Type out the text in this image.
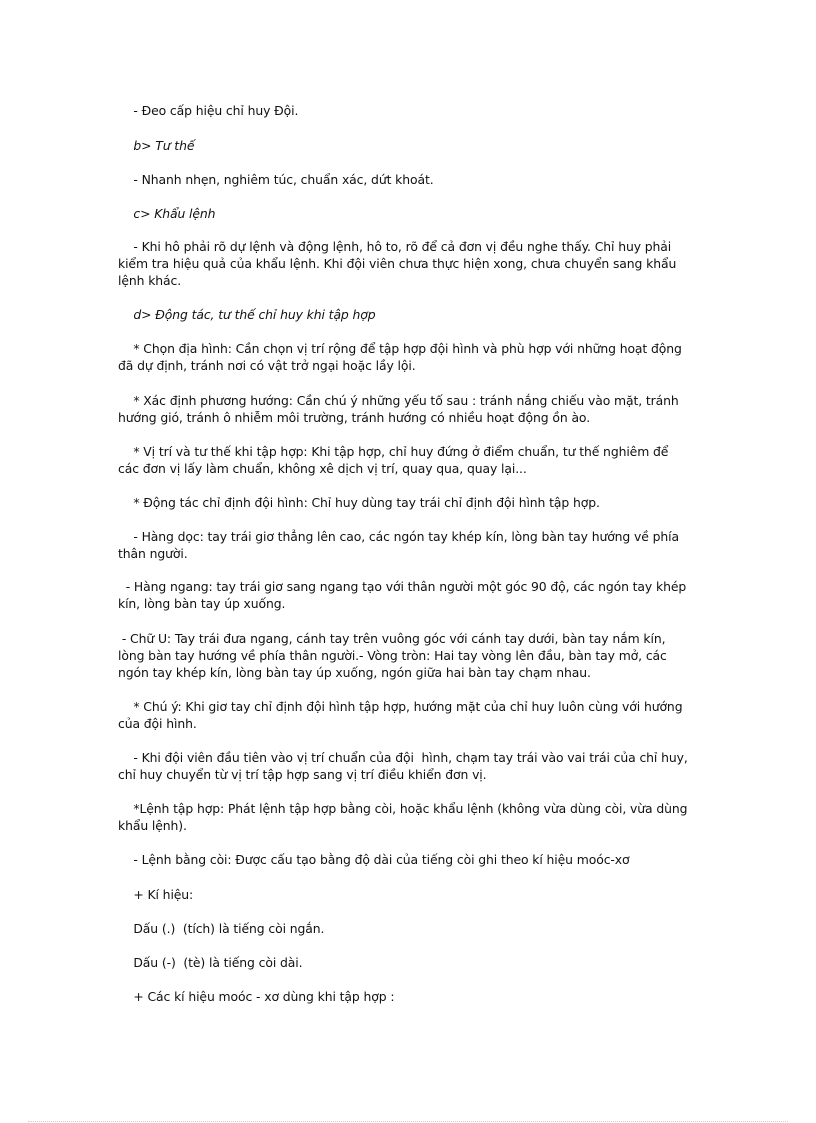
- Đeo cấp hiệu chỉ huy Đội.
b> Tư thế
- Nhanh nhẹn, nghiêm túc, chuẩn xác, dứt khoát.
c> Khẩu lệnh
- Khi hô phải rõ dự lệnh và động lệnh, hô to, rõ để cả đơn vị đều nghe thấy. Chỉ huy phải
kiểm tra hiệu quả của khẩu lệnh. Khi đội viên chưa thực hiện xong, chưa chuyển sang khẩu
lệnh khác.
d> Động tác, tư thế chỉ huy khi tập hợp
* Chọn địa hình: Cần chọn vị trí rộng để tập hợp đội hình và phù hợp với những hoạt động
đã dự định, tránh nơi có vật trở ngại hoặc lầy lội.
* Xác định phương hướng: Cần chú ý những yếu tố sau : tránh nắng chiếu vào mặt, tránh
hướng gió, tránh ô nhiễm môi trường, tránh hướng có nhiều hoạt động ồn ào.
* Vị trí và tư thế khi tập hợp: Khi tập hợp, chỉ huy đứng ở điểm chuẩn, tư thế nghiêm để
các đơn vị lấy làm chuẩn, không xê dịch vị trí, quay qua, quay lại...
* Động tác chỉ định đội hình: Chỉ huy dùng tay trái chỉ định đội hình tập hợp.
- Hàng dọc: tay trái giơ thẳng lên cao, các ngón tay khép kín, lòng bàn tay hướng về phía
thân người.
- Hàng ngang: tay trái giơ sang ngang tạo với thân người một góc 90 độ, các ngón tay khép
kín, lòng bàn tay úp xuống.
- Chữ U: Tay trái đưa ngang, cánh tay trên vuông góc với cánh tay dưới, bàn tay nắm kín,
lòng bàn tay hướng về phía thân người.- Vòng tròn: Hai tay vòng lên đầu, bàn tay mở, các
ngón tay khép kín, lòng bàn tay úp xuống, ngón giữa hai bàn tay chạm nhau.
* Chú ý: Khi giơ tay chỉ định đội hình tập hợp, hướng mặt của chỉ huy luôn cùng với hướng
của đội hình.
- Khi đội viên đầu tiên vào vị trí chuẩn của đội  hình, chạm tay trái vào vai trái của chỉ huy,
chỉ huy chuyển từ vị trí tập hợp sang vị trí điều khiển đơn vị.
*Lệnh tập hợp: Phát lệnh tập hợp bằng còi, hoặc khẩu lệnh (không vừa dùng còi, vừa dùng
khẩu lệnh).
- Lệnh bằng còi: Được cấu tạo bằng độ dài của tiếng còi ghi theo kí hiệu moóc-xơ
+ Kí hiệu:
Dấu (.)  (tích) là tiếng còi ngắn.
Dấu (-)  (tè) là tiếng còi dài.
+ Các kí hiệu moóc - xơ dùng khi tập hợp :
